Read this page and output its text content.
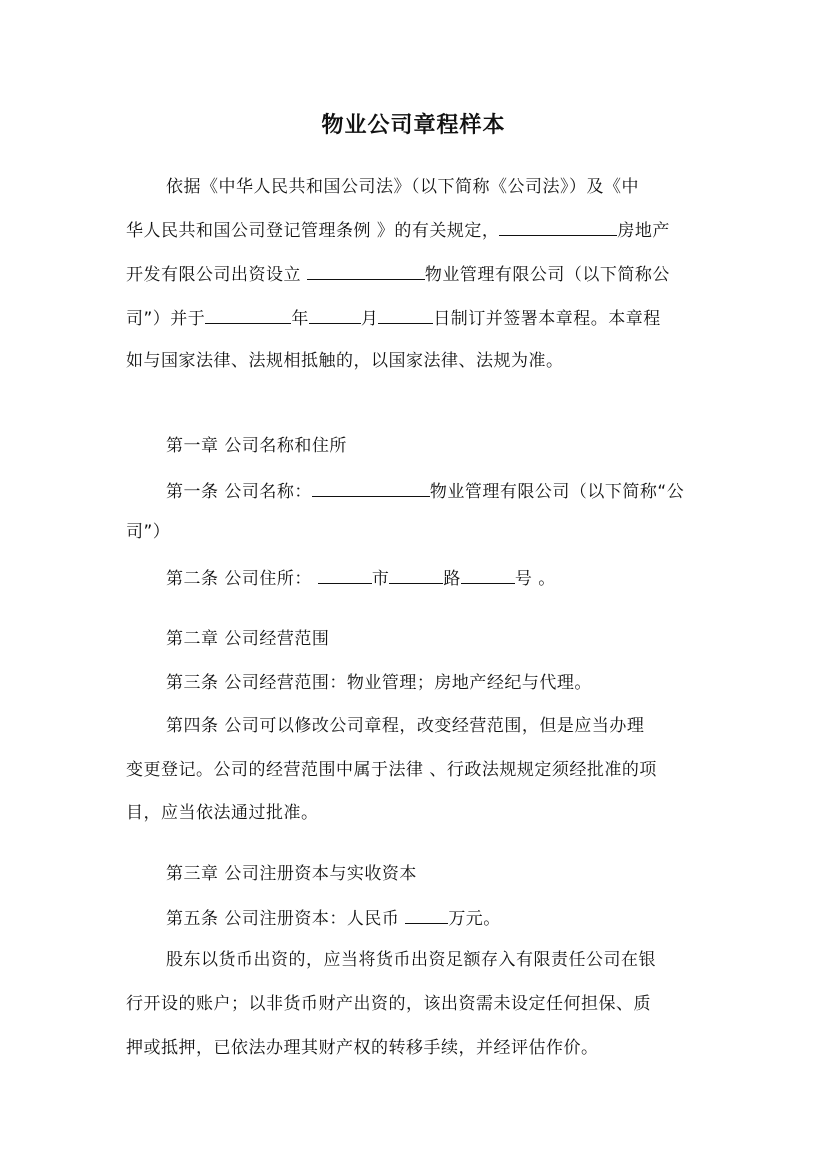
物业公司章程样本
依据《中华人民共和国公司法》（以下简称《公司法》）及《中
华人民共和国公司登记管理条例 》的有关规定，	房地产
开发有限公司出资设立	物业管理有限公司（以下简称公
司”）并于	年	月	日制订并签署本章程。本章程
如与国家法律、法规相抵触的，以国家法律、法规为准。
第一章 公司名称和住所
第一条 公司名称：	物业管理有限公司（以下简称“公
司”）
第二条 公司住所：	市	路	号 。
第二章 公司经营范围
第三条 公司经营范围：物业管理；房地产经纪与代理。
第四条 公司可以修改公司章程，改变经营范围，但是应当办理
变更登记。公司的经营范围中属于法律 、行政法规规定须经批准的项
目，应当依法通过批准。
第三章 公司注册资本与实收资本
第五条 公司注册资本：人民币	万元。
股东以货币出资的，应当将货币出资足额存入有限责任公司在银
行开设的账户；以非货币财产出资的，该出资需未设定任何担保、质
押或抵押，已依法办理其财产权的转移手续，并经评估作价。
